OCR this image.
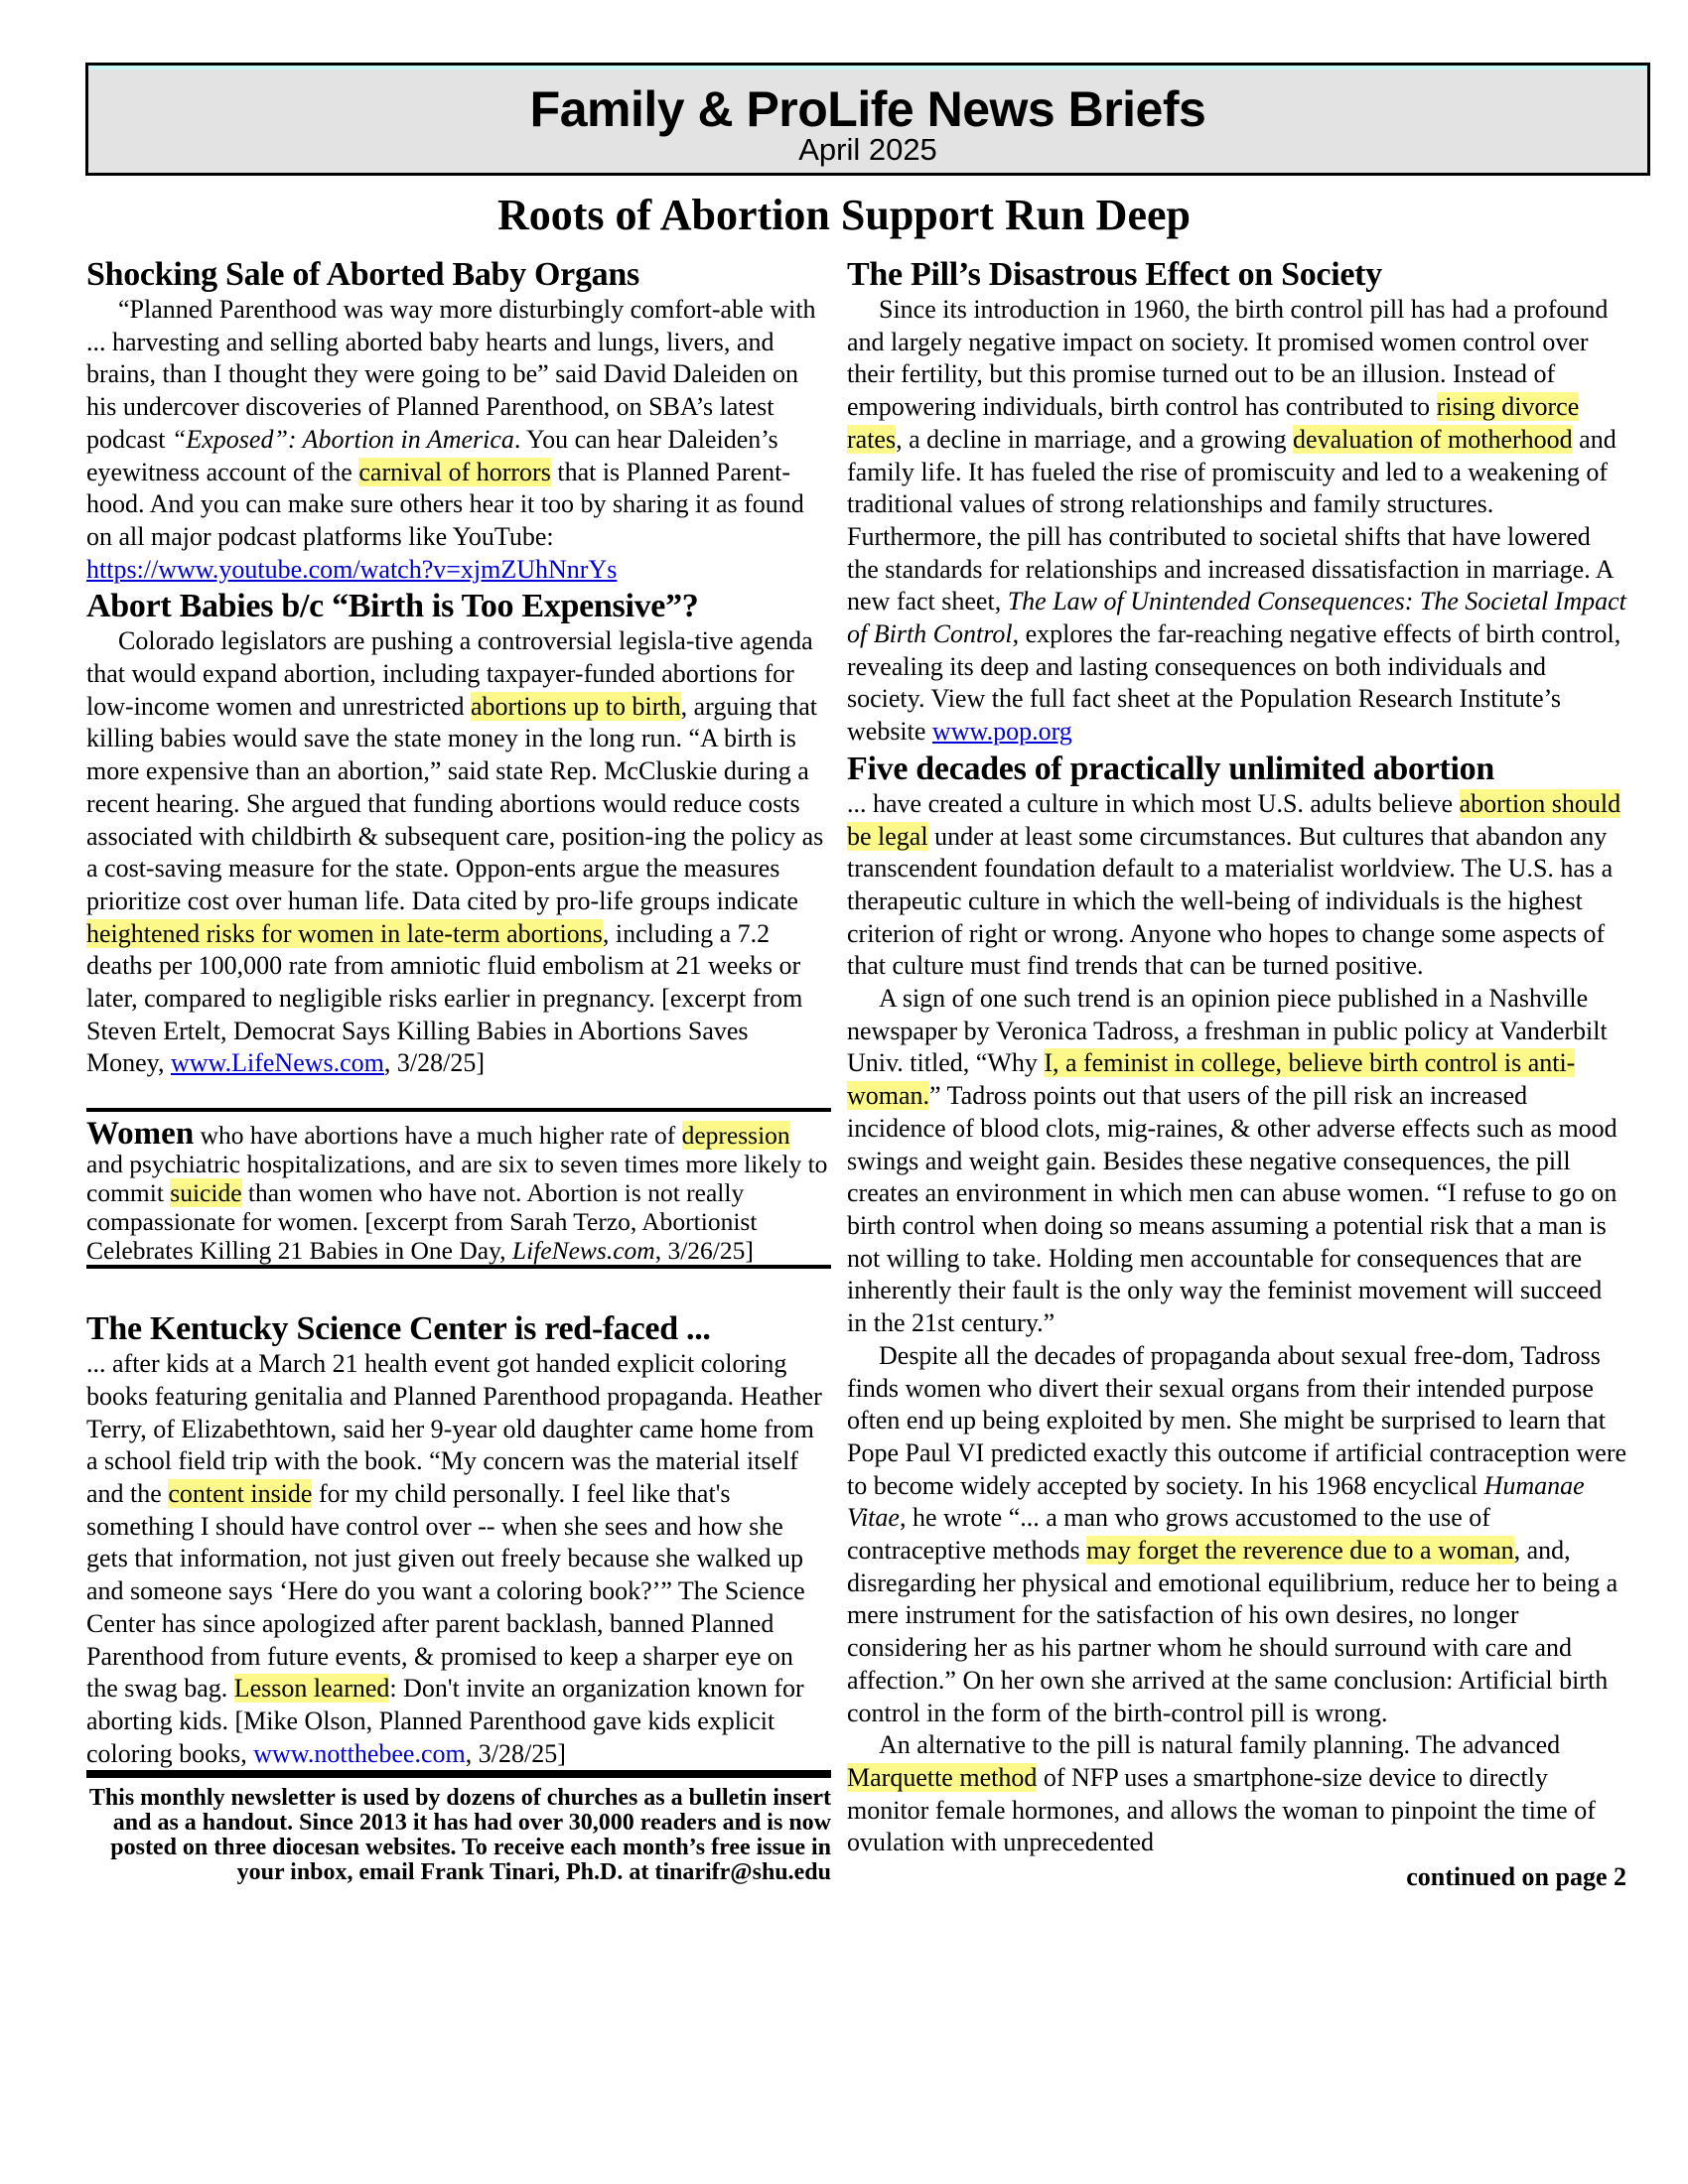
Family & ProLife News Briefs
April 2025
Roots of Abortion Support Run Deep
Shocking Sale of Aborted Baby Organs

“Planned Parenthood was way more disturbingly comfort-able with ... harvesting and selling aborted baby hearts and lungs, livers, and brains, than I thought they were going to be” said David Daleiden on his undercover discoveries of Planned Parenthood, on SBA’s latest podcast “Exposed”: Abortion in America. You can hear Daleiden’s eyewitness account of the carnival of horrors that is Planned Parent-hood. And you can make sure others hear it too by sharing it as found on all major podcast platforms like YouTube: https://www.youtube.com/watch?v=xjmZUhNnrYs

Abort Babies b/c “Birth is Too Expensive”?

Colorado legislators are pushing a controversial legisla-tive agenda that would expand abortion, including taxpayer-funded abortions for low-income women and unrestricted abortions up to birth, arguing that killing babies would save the state money in the long run. “A birth is more expensive than an abortion,” said state Rep. McCluskie during a recent hearing. She argued that funding abortions would reduce costs associated with childbirth & subsequent care, position-ing the policy as a cost-saving measure for the state. Oppon-ents argue the measures prioritize cost over human life. Data cited by pro-life groups indicate heightened risks for women in late-term abortions, including a 7.2 deaths per 100,000 rate from amniotic fluid embolism at 21 weeks or later, compared to negligible risks earlier in pregnancy. [excerpt from Steven Ertelt, Democrat Says Killing Babies in Abortions Saves Money, www.LifeNews.com, 3/28/25]

Women who have abortions have a much higher rate of depression and psychiatric hospitalizations, and are six to seven times more likely to commit suicide than women who have not. Abortion is not really compassionate for women. [excerpt from Sarah Terzo, Abortionist Celebrates Killing 21 Babies in One Day, LifeNews.com, 3/26/25]

The Kentucky Science Center is red-faced ...

... after kids at a March 21 health event got handed explicit coloring books featuring genitalia and Planned Parenthood propaganda. Heather Terry, of Elizabethtown, said her 9-year old daughter came home from a school field trip with the book. “My concern was the material itself and the content inside for my child personally. I feel like that's something I should have control over -- when she sees and how she gets that information, not just given out freely because she walked up and someone says ‘Here do you want a coloring book?’” The Science Center has since apologized after parent backlash, banned Planned Parenthood from future events, & promised to keep a sharper eye on the swag bag. Lesson learned: Don't invite an organization known for aborting kids. [Mike Olson, Planned Parenthood gave kids explicit coloring books, www.notthebee.com, 3/28/25]

This monthly newsletter is used by dozens of churches as a bulletin insert and as a handout. Since 2013 it has had over 30,000 readers and is now posted on three diocesan websites. To receive each month’s free issue in your inbox, email Frank Tinari, Ph.D. at tinarifr@shu.edu
The Pill’s Disastrous Effect on Society

Since its introduction in 1960, the birth control pill has had a profound and largely negative impact on society. It promised women control over their fertility, but this promise turned out to be an illusion. Instead of empowering individuals, birth control has contributed to rising divorce rates, a decline in marriage, and a growing devaluation of motherhood and family life. It has fueled the rise of promiscuity and led to a weakening of traditional values of strong relationships and family structures. Furthermore, the pill has contributed to societal shifts that have lowered the standards for relationships and increased dissatisfaction in marriage. A new fact sheet, The Law of Unintended Consequences: The Societal Impact of Birth Control, explores the far-reaching negative effects of birth control, revealing its deep and lasting consequences on both individuals and society. View the full fact sheet at the Population Research Institute’s website www.pop.org

Five decades of practically unlimited abortion

... have created a culture in which most U.S. adults believe abortion should be legal under at least some circumstances. But cultures that abandon any transcendent foundation default to a materialist worldview. The U.S. has a therapeutic culture in which the well-being of individuals is the highest criterion of right or wrong. Anyone who hopes to change some aspects of that culture must find trends that can be turned positive.

A sign of one such trend is an opinion piece published in a Nashville newspaper by Veronica Tadross, a freshman in public policy at Vanderbilt Univ. titled, “Why I, a feminist in college, believe birth control is anti-woman.” Tadross points out that users of the pill risk an increased incidence of blood clots, mig-raines, & other adverse effects such as mood swings and weight gain. Besides these negative consequences, the pill creates an environment in which men can abuse women. “I refuse to go on birth control when doing so means assuming a potential risk that a man is not willing to take. Holding men accountable for consequences that are inherently their fault is the only way the feminist movement will succeed in the 21st century.”

Despite all the decades of propaganda about sexual free-dom, Tadross finds women who divert their sexual organs from their intended purpose often end up being exploited by men. She might be surprised to learn that Pope Paul VI predicted exactly this outcome if artificial contraception were to become widely accepted by society. In his 1968 encyclical Humanae Vitae, he wrote “... a man who grows accustomed to the use of contraceptive methods may forget the reverence due to a woman, and, disregarding her physical and emotional equilibrium, reduce her to being a mere instrument for the satisfaction of his own desires, no longer considering her as his partner whom he should surround with care and affection.” On her own she arrived at the same conclusion: Artificial birth control in the form of the birth-control pill is wrong.

An alternative to the pill is natural family planning. The advanced Marquette method of NFP uses a smartphone-size device to directly monitor female hormones, and allows the woman to pinpoint the time of ovulation with unprecedented

continued on page 2
